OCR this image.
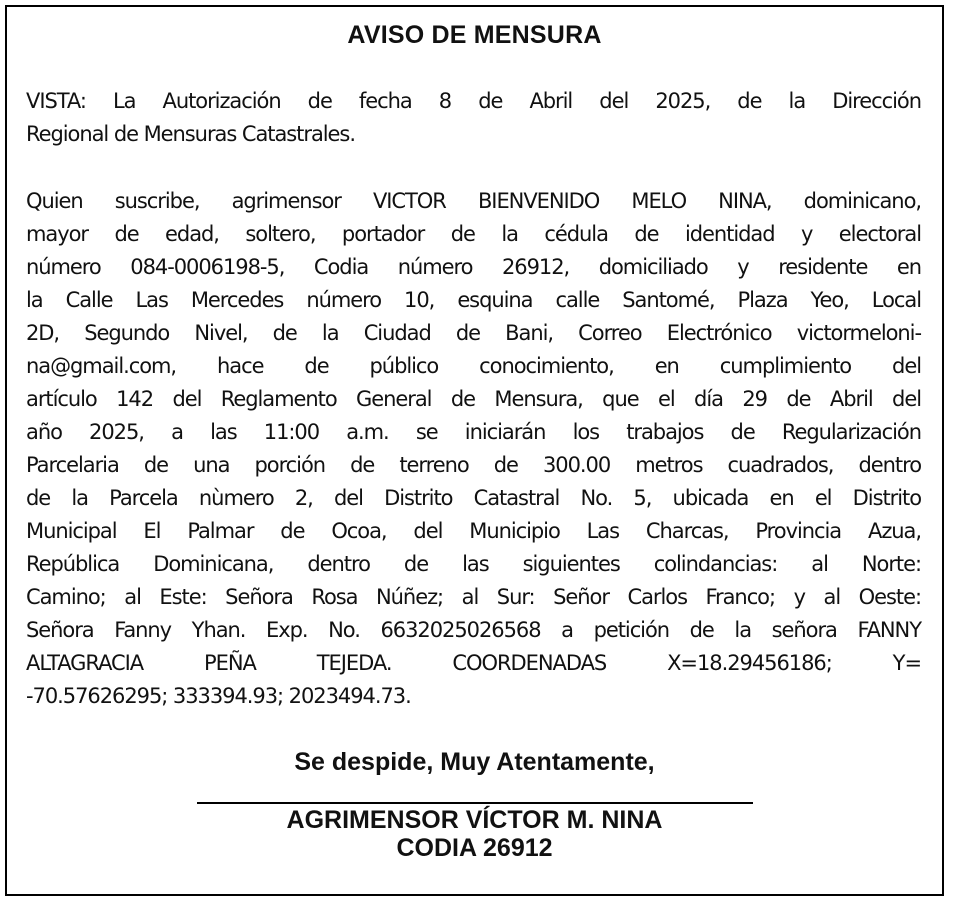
AVISO DE MENSURA
VISTA: La Autorización de fecha 8 de Abril del 2025, de la Dirección
Regional de Mensuras Catastrales.
Quien suscribe, agrimensor VICTOR BIENVENIDO MELO NINA, dominicano,
mayor de edad, soltero, portador de la cédula de identidad y electoral
número 084-0006198-5, Codia número 26912, domiciliado y residente en
la Calle Las Mercedes número 10, esquina calle Santomé, Plaza Yeo, Local
2D, Segundo Nivel, de la Ciudad de Bani, Correo Electrónico victormeloni-
na@gmail.com, hace de público conocimiento, en cumplimiento del
artículo 142 del Reglamento General de Mensura, que el día 29 de Abril del
año 2025, a las 11:00 a.m. se iniciarán los trabajos de Regularización
Parcelaria de una porción de terreno de 300.00 metros cuadrados, dentro
de la Parcela nùmero 2, del Distrito Catastral No. 5, ubicada en el Distrito
Municipal El Palmar de Ocoa, del Municipio Las Charcas, Provincia Azua,
República Dominicana, dentro de las siguientes colindancias: al Norte:
Camino; al Este: Señora Rosa Núñez; al Sur: Señor Carlos Franco; y al Oeste:
Señora Fanny Yhan. Exp. No. 6632025026568 a petición de la señora FANNY
ALTAGRACIA PEÑA TEJEDA. COORDENADAS X=18.29456186; Y=
-70.57626295; 333394.93; 2023494.73.
Se despide, Muy Atentamente,
AGRIMENSOR VÍCTOR M. NINA
CODIA 26912
